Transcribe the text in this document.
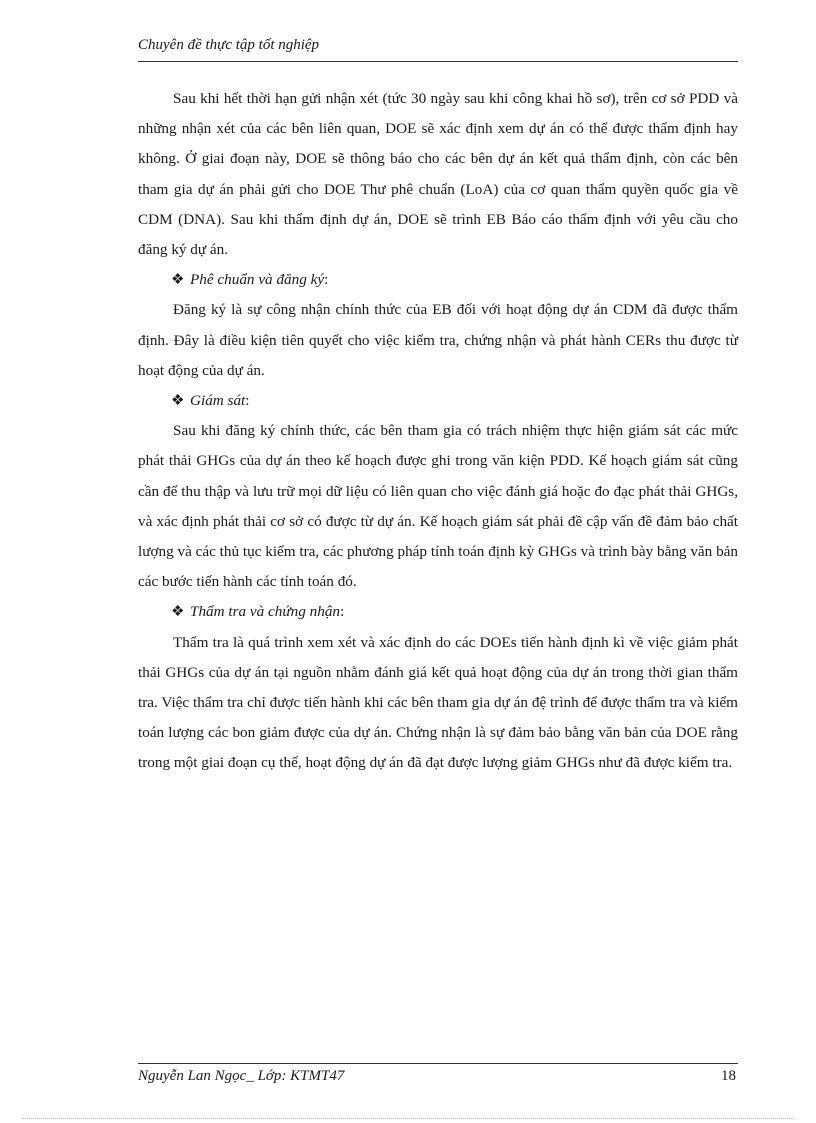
Chuyên đề thực tập tốt nghiệp

Sau khi hết thời hạn gửi nhận xét (tức 30 ngày sau khi công khai hồ sơ), trên cơ sở PDD và những nhận xét của các bên liên quan, DOE sẽ xác định xem dự án có thể được thẩm định hay không. Ở giai đoạn này, DOE sẽ thông báo cho các bên dự án kết quả thẩm định, còn các bên tham gia dự án phải gửi cho DOE Thư phê chuẩn (LoA) của cơ quan thẩm quyền quốc gia về CDM (DNA). Sau khi thẩm định dự án, DOE sẽ trình EB Báo cáo thẩm định với yêu cầu cho đăng ký dự án.

❖ Phê chuẩn và đăng ký:

Đăng ký là sự công nhận chính thức của EB đối với hoạt động dự án CDM đã được thẩm định. Đây là điều kiện tiên quyết cho việc kiểm tra, chứng nhận và phát hành CERs thu được từ hoạt động của dự án.

❖ Giám sát:

Sau khi đăng ký chính thức, các bên tham gia có trách nhiệm thực hiện giám sát các mức phát thải GHGs của dự án theo kế hoạch được ghi trong văn kiện PDD. Kế hoạch giám sát cũng cần để thu thập và lưu trữ mọi dữ liệu có liên quan cho việc đánh giá hoặc đo đạc phát thải GHGs, và xác định phát thải cơ sở có được từ dự án. Kế hoạch giám sát phải đề cập vấn đề đảm bảo chất lượng và các thủ tục kiểm tra, các phương pháp tính toán định kỳ GHGs và trình bày bằng văn bản các bước tiến hành các tính toán đó.

❖ Thẩm tra và chứng nhận:

Thẩm tra là quá trình xem xét và xác định do các DOEs tiến hành định kì về việc giảm phát thải GHGs của dự án tại nguồn nhằm đánh giá kết quả hoạt động của dự án trong thời gian thẩm tra. Việc thẩm tra chỉ được tiến hành khi các bên tham gia dự án đệ trình để được thẩm tra và kiểm toán lượng các bon giảm được của dự án. Chứng nhận là sự đảm bảo bằng văn bản của DOE rằng trong một giai đoạn cụ thể, hoạt động dự án đã đạt được lượng giảm GHGs như đã được kiểm tra.

Nguyễn Lan Ngọc_ Lớp: KTMT47	18
